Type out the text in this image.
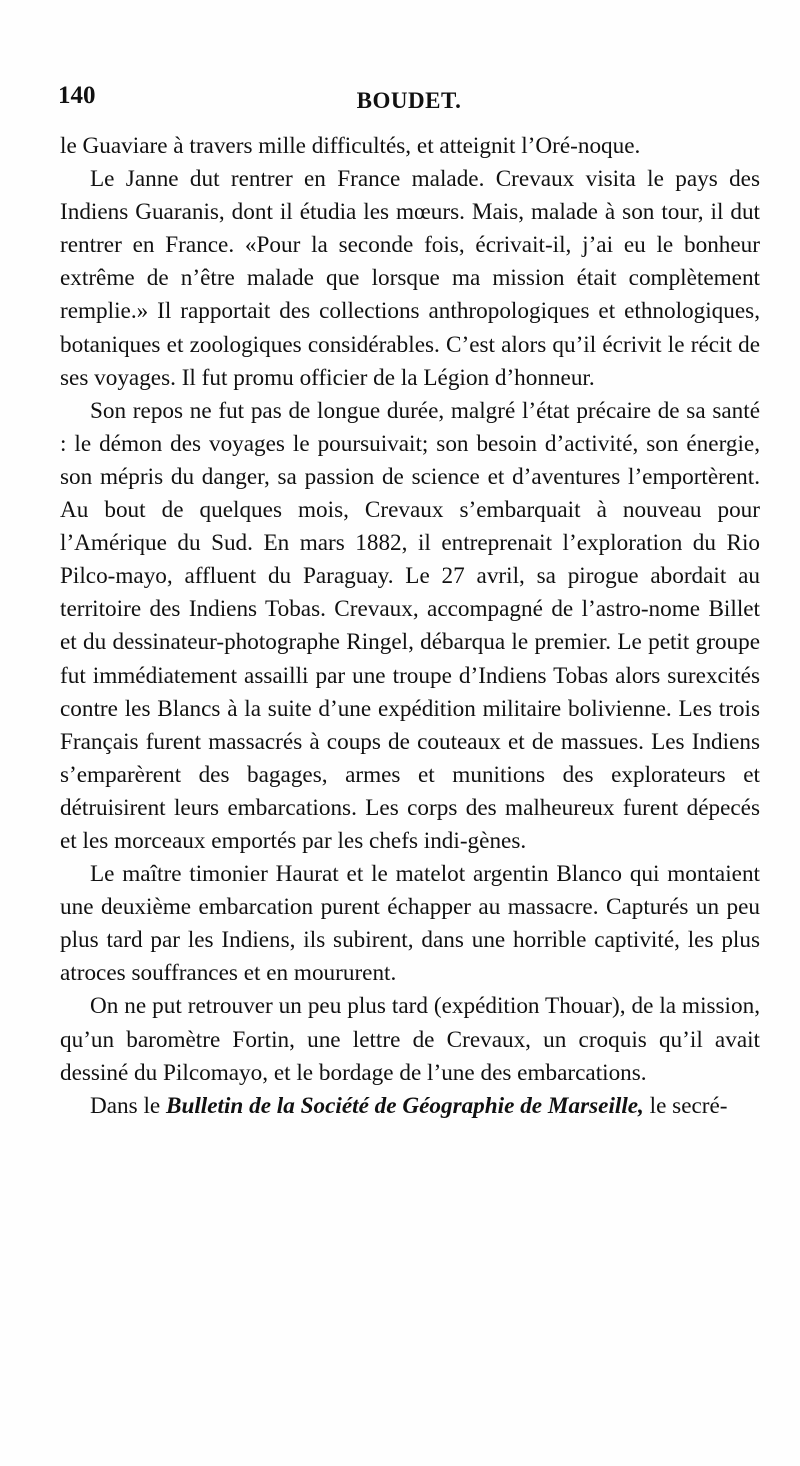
140	BOUDET.

le Guaviare à travers mille difficultés, et atteignit l’Oré-noque.

Le Janne dut rentrer en France malade. Crevaux visita le pays des Indiens Guaranis, dont il étudia les mœurs. Mais, malade à son tour, il dut rentrer en France. «Pour la seconde fois, écrivait-il, j’ai eu le bonheur extrême de n’être malade que lorsque ma mission était complètement remplie.» Il rapportait des collections anthropologiques et ethnologiques, botaniques et zoologiques considérables. C’est alors qu’il écrivit le récit de ses voyages. Il fut promu officier de la Légion d’honneur.

Son repos ne fut pas de longue durée, malgré l’état précaire de sa santé : le démon des voyages le poursuivait; son besoin d’activité, son énergie, son mépris du danger, sa passion de science et d’aventures l’emportèrent. Au bout de quelques mois, Crevaux s’embarquait à nouveau pour l’Amérique du Sud. En mars 1882, il entreprenait l’exploration du Rio Pilco-mayo, affluent du Paraguay. Le 27 avril, sa pirogue abordait au territoire des Indiens Tobas. Crevaux, accompagné de l’astro-nome Billet et du dessinateur-photographe Ringel, débarqua le premier. Le petit groupe fut immédiatement assailli par une troupe d’Indiens Tobas alors surexcités contre les Blancs à la suite d’une expédition militaire bolivienne. Les trois Français furent massacrés à coups de couteaux et de massues. Les Indiens s’emparèrent des bagages, armes et munitions des explorateurs et détruisirent leurs embarcations. Les corps des malheureux furent dépecés et les morceaux emportés par les chefs indi-gènes.

Le maître timonier Haurat et le matelot argentin Blanco qui montaient une deuxième embarcation purent échapper au massacre. Capturés un peu plus tard par les Indiens, ils subirent, dans une horrible captivité, les plus atroces souffrances et en moururent.

On ne put retrouver un peu plus tard (expédition Thouar), de la mission, qu’un baromètre Fortin, une lettre de Crevaux, un croquis qu’il avait dessiné du Pilcomayo, et le bordage de l’une des embarcations.

Dans le Bulletin de la Société de Géographie de Marseille, le secré-
